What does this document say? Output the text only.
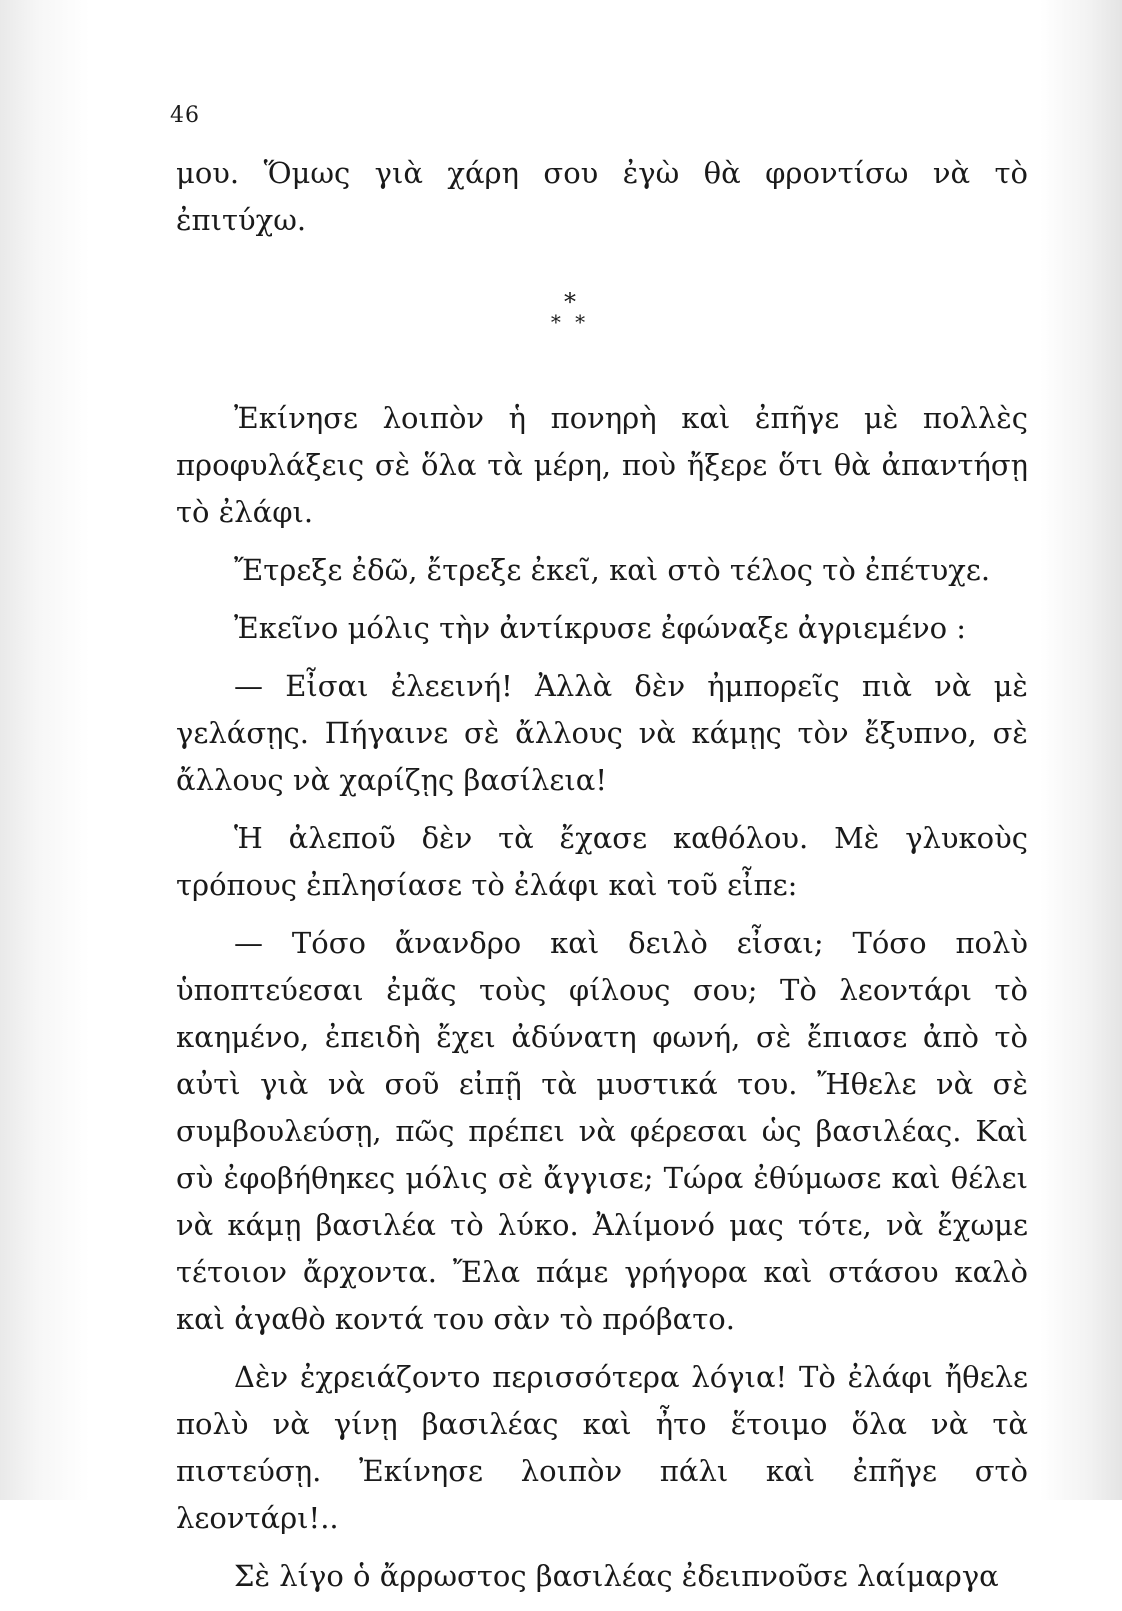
46

μου. Ὅμως γιὰ χάρη σου ἐγὼ θὰ φροντίσω νὰ τὸ ἐπιτύχω.

*
* *

Ἐκίνησε λοιπὸν ἡ πονηρὴ καὶ ἐπῆγε μὲ πολλὲς προφυλάξεις σὲ ὅλα τὰ μέρη, ποὺ ἤξερε ὅτι θὰ ἀπαντήσῃ τὸ ἐλάφι.

Ἔτρεξε ἐδῶ, ἔτρεξε ἐκεῖ, καὶ στὸ τέλος τὸ ἐπέτυχε.

Ἐκεῖνο μόλις τὴν ἀντίκρυσε ἐφώναξε ἀγριεμένο :

— Εἶσαι ἐλεεινή! Ἀλλὰ δὲν ἠμπορεῖς πιὰ νὰ μὲ γελάσῃς. Πήγαινε σὲ ἄλλους νὰ κάμῃς τὸν ἔξυπνο, σὲ ἄλλους νὰ χαρίζῃς βασίλεια!

Ἡ ἀλεποῦ δὲν τὰ ἔχασε καθόλου. Μὲ γλυκοὺς τρόπους ἐπλησίασε τὸ ἐλάφι καὶ τοῦ εἶπε:

— Τόσο ἄνανδρο καὶ δειλὸ εἶσαι; Τόσο πολὺ ὑποπτεύεσαι ἐμᾶς τοὺς φίλους σου; Τὸ λεοντάρι τὸ καημένο, ἐπειδὴ ἔχει ἀδύνατη φωνή, σὲ ἔπιασε ἀπὸ τὸ αὐτὶ γιὰ νὰ σοῦ εἰπῇ τὰ μυστικά του. Ἤθελε νὰ σὲ συμβουλεύσῃ, πῶς πρέπει νὰ φέρεσαι ὡς βασιλέας. Καὶ σὺ ἐφοβήθηκες μόλις σὲ ἄγγισε; Τώρα ἐθύμωσε καὶ θέλει νὰ κάμῃ βασιλέα τὸ λύκο. Ἀλίμονό μας τότε, νὰ ἔχωμε τέτοιον ἄρχοντα. Ἔλα πάμε γρήγορα καὶ στάσου καλὸ καὶ ἀγαθὸ κοντά του σὰν τὸ πρόβατο.

Δὲν ἐχρειάζοντο περισσότερα λόγια! Τὸ ἐλάφι ἤθελε πολὺ νὰ γίνῃ βασιλέας καὶ ἦτο ἕτοιμο ὅλα νὰ τὰ πιστεύσῃ. Ἐκίνησε λοιπὸν πάλι καὶ ἐπῆγε στὸ λεοντάρι!..

Σὲ λίγο ὁ ἄρρωστος βασιλέας ἐδειπνοῦσε λαίμαργα
